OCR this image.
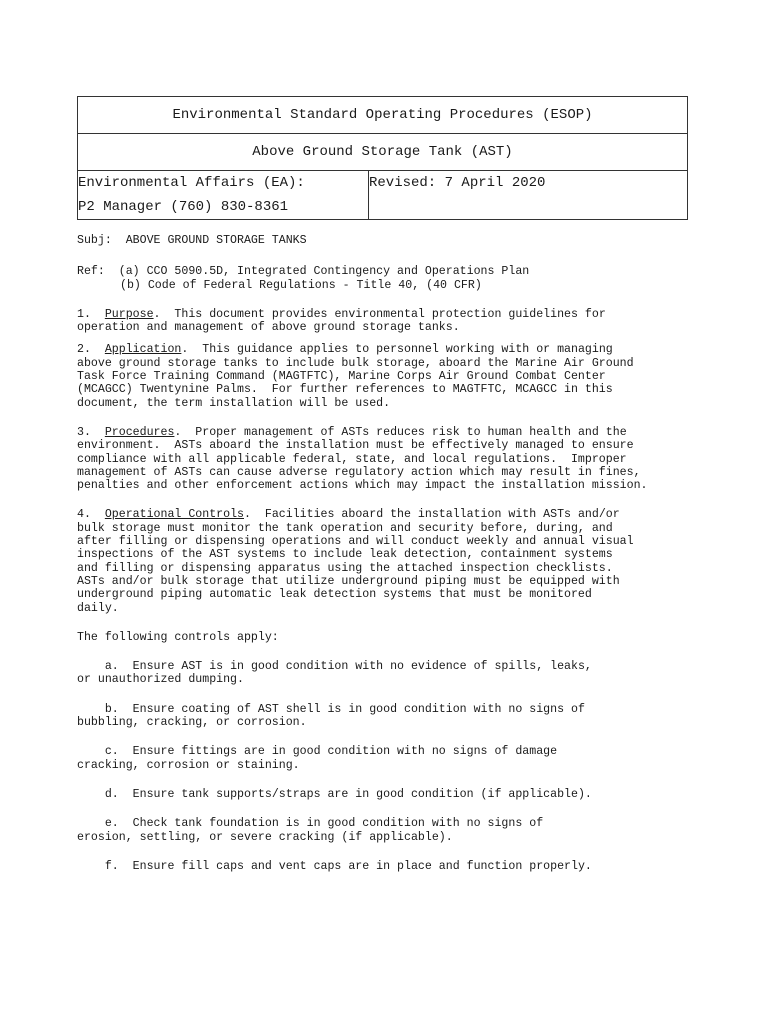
Environmental Standard Operating Procedures (ESOP)
Above Ground Storage Tank (AST)

Environmental Affairs (EA):
P2 Manager (760) 830-8361
	Revised: 7 April 2020

Subj:  ABOVE GROUND STORAGE TANKS

Ref:  (a) CCO 5090.5D, Integrated Contingency and Operations Plan

(b) Code of Federal Regulations - Title 40, (40 CFR)

1.  Purpose.  This document provides environmental protection guidelines for
operation and management of above ground storage tanks.

2.  Application.  This guidance applies to personnel working with or managing
above ground storage tanks to include bulk storage, aboard the Marine Air Ground
Task Force Training Command (MAGTFTC), Marine Corps Air Ground Combat Center
(MCAGCC) Twentynine Palms.  For further references to MAGTFTC, MCAGCC in this
document, the term installation will be used.

3.  Procedures.  Proper management of ASTs reduces risk to human health and the
environment.  ASTs aboard the installation must be effectively managed to ensure
compliance with all applicable federal, state, and local regulations.  Improper
management of ASTs can cause adverse regulatory action which may result in fines,
penalties and other enforcement actions which may impact the installation mission.

4.  Operational Controls.  Facilities aboard the installation with ASTs and/or
bulk storage must monitor the tank operation and security before, during, and
after filling or dispensing operations and will conduct weekly and annual visual
inspections of the AST systems to include leak detection, containment systems
and filling or dispensing apparatus using the attached inspection checklists.
ASTs and/or bulk storage that utilize underground piping must be equipped with
underground piping automatic leak detection systems that must be monitored
daily.

The following controls apply:

a.  Ensure AST is in good condition with no evidence of spills, leaks,
or unauthorized dumping.

b.  Ensure coating of AST shell is in good condition with no signs of
bubbling, cracking, or corrosion.

c.  Ensure fittings are in good condition with no signs of damage
cracking, corrosion or staining.

d.  Ensure tank supports/straps are in good condition (if applicable).

e.  Check tank foundation is in good condition with no signs of
erosion, settling, or severe cracking (if applicable).

f.  Ensure fill caps and vent caps are in place and function properly.
